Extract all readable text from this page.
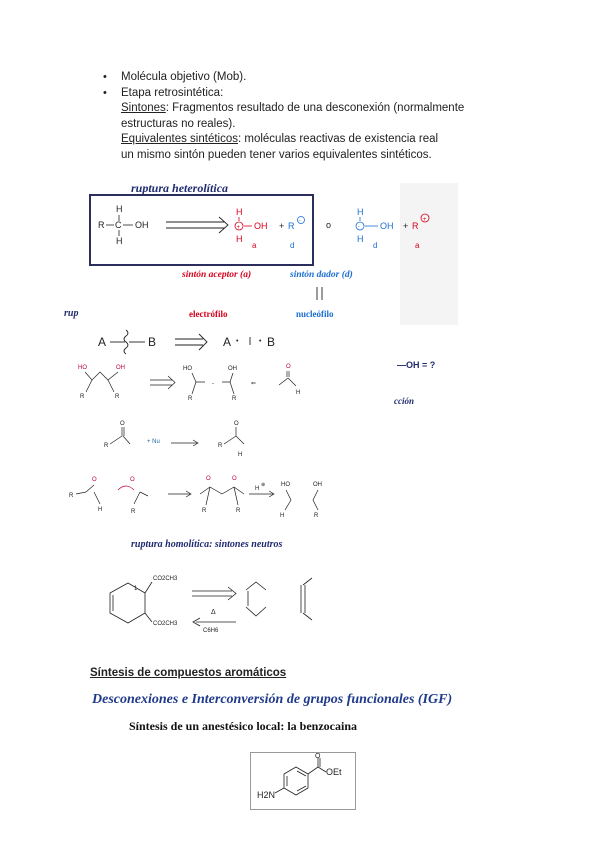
• Molécula objetivo (Mob).
• Etapa retrosintética:
Sintones: Fragmentos resultado de una desconexión (normalmente
estructuras no reales).
Equivalentes sintéticos: moléculas reactivas de existencia real
un mismo sintón pueden tener varios equivalentes sintéticos.
ruptura heterolítica
R
H
C
H
OH
H
+ OH
H
a
+ R -
d
o
H
- OH
H
d
+ R
+
a
A	B	A •	• B
HO	OH
R	R
HO
R
-
OH
R
⇐
O
H
R
O
+ Nu
R
O
H
R
O
H
O
R
O
R	R
O
H
⊕	HO
H
OH
R
1
CO2CH3
CO2CH3
Δ
C6H6
sintón aceptor (a)	sintón dador (d)
rup	electrófilo	nucleófilo
—OH = ?
cción
ruptura homolítica: sintones neutros
Síntesis de compuestos aromáticos
Desconexiones e Interconversión de grupos funcionales (IGF)
Síntesis de un anestésico local: la benzocaina
O
OEt
H2N
